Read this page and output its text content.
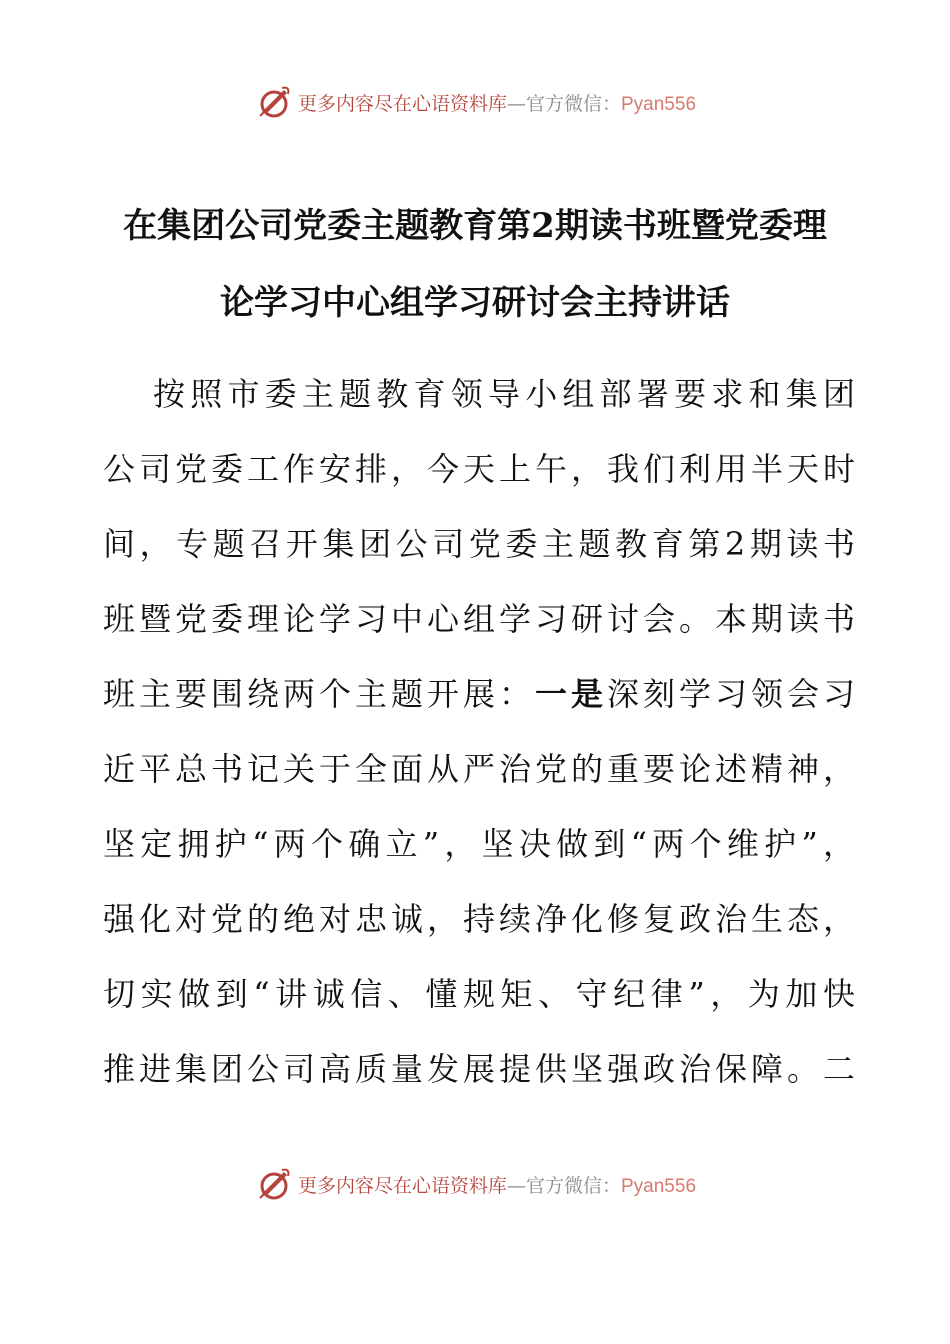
更多内容尽在心语资料库—官方微信：Pyan556
在集团公司党委主题教育第2期读书班暨党委理
论学习中心组学习研讨会主持讲话
按照市委主题教育领导小组部署要求和集团
公司党委工作安排，今天上午，我们利用半天时
间，专题召开集团公司党委主题教育第2期读书
班暨党委理论学习中心组学习研讨会。本期读书
班主要围绕两个主题开展：一是深刻学习领会习
近平总书记关于全面从严治党的重要论述精神，
坚定拥护“两个确立”，坚决做到“两个维护”，
强化对党的绝对忠诚，持续净化修复政治生态，
切实做到“讲诚信、懂规矩、守纪律”，为加快
推进集团公司高质量发展提供坚强政治保障。二
更多内容尽在心语资料库—官方微信：Pyan556
